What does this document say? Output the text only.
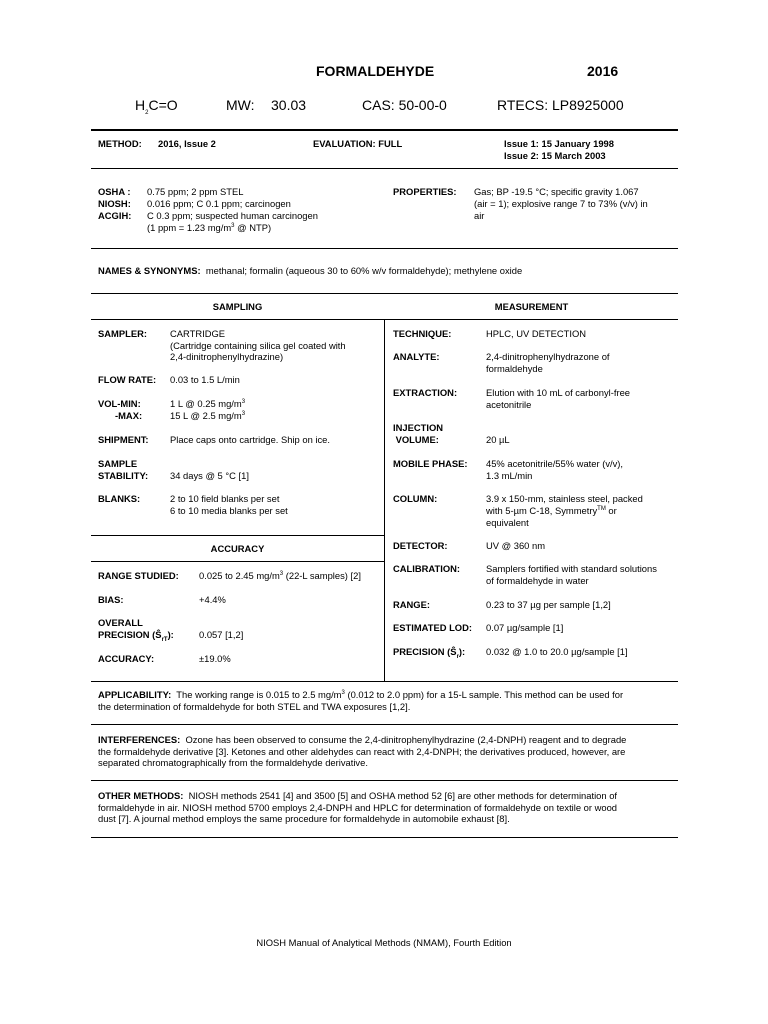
FORMALDEHYDE	2016
$H_2C=O$	MW: 30.03	CAS: 50-00-0	RTECS: LP8925000
METHOD: 2016, Issue 2	EVALUATION: FULL	Issue 1: 15 January 1998
Issue 2: 15 March 2003
OSHA : 0.75 ppm; 2 ppm STEL
NIOSH: 0.016 ppm; C 0.1 ppm; carcinogen
ACGIH: C 0.3 ppm; suspected human carcinogen
(1 ppm = 1.23 $mg/m^3$ @ NTP)
PROPERTIES: Gas; BP -19.5 °C; specific gravity 1.067
(air = 1); explosive range 7 to 73% (v/v) in
air
NAMES & SYNONYMS: methanal; formalin (aqueous 30 to 60% w/v formaldehyde); methylene oxide
SAMPLING	MEASUREMENT
SAMPLER: CARTRIDGE
(Cartridge containing silica gel coated with
2,4-dinitrophenylhydrazine)
FLOW RATE: 0.03 to 1.5 L/min
VOL-MIN:	1 L @ 0.25 $mg/m^3$
-MAX:	15 L @ 2.5 $mg/m^3$
SHIPMENT: Place caps onto cartridge. Ship on ice.
SAMPLE
STABILITY: 34 days @ 5 °C [1]
BLANKS:	2 to 10 field blanks per set
6 to 10 media blanks per set
ACCURACY
RANGE STUDIED: 0.025 to 2.45 $mg/m^3$ (22-L samples) [2]
BIAS:	+4.4%
OVERALL
PRECISION $(Ŝ_{rT})$:	0.057 [1,2]
ACCURACY:	±19.0%
TECHNIQUE:	HPLC, UV DETECTION
ANALYTE:	2,4-dinitrophenylhydrazone of
formaldehyde
EXTRACTION:	Elution with 10 mL of carbonyl-free
acetonitrile
INJECTION
VOLUME:	20 µL
MOBILE PHASE: 45% acetonitrile/55% water (v/v),
1.3 mL/min
COLUMN:	3.9 x 150-mm, stainless steel, packed
with 5-µm C-18, Symmetry™ or
equivalent
DETECTOR:	UV @ 360 nm
CALIBRATION:	Samplers fortified with standard solutions
of formaldehyde in water
RANGE:	0.23 to 37 µg per sample [1,2]
ESTIMATED LOD: 0.07 µg/sample [1]
PRECISION $(Ŝ_r)$: 0.032 @ 1.0 to 20.0 µg/sample [1]
APPLICABILITY:  The working range is 0.015 to 2.5 $mg/m^3$ (0.012 to 2.0 ppm) for a 15-L sample. This method can be used for
the determination of formaldehyde for both STEL and TWA exposures [1,2].
INTERFERENCES:  Ozone has been observed to consume the 2,4-dinitrophenylhydrazine (2,4-DNPH) reagent and to degrade
the formaldehyde derivative [3]. Ketones and other aldehydes can react with 2,4-DNPH; the derivatives produced, however, are
separated chromatographically from the formaldehyde derivative.
OTHER METHODS:  NIOSH methods 2541 [4] and 3500 [5] and OSHA method 52 [6] are other methods for determination of
formaldehyde in air. NIOSH method 5700 employs 2,4-DNPH and HPLC for determination of formaldehyde on textile or wood
dust [7]. A journal method employs the same procedure for formaldehyde in automobile exhaust [8].
NIOSH Manual of Analytical Methods (NMAM), Fourth Edition
